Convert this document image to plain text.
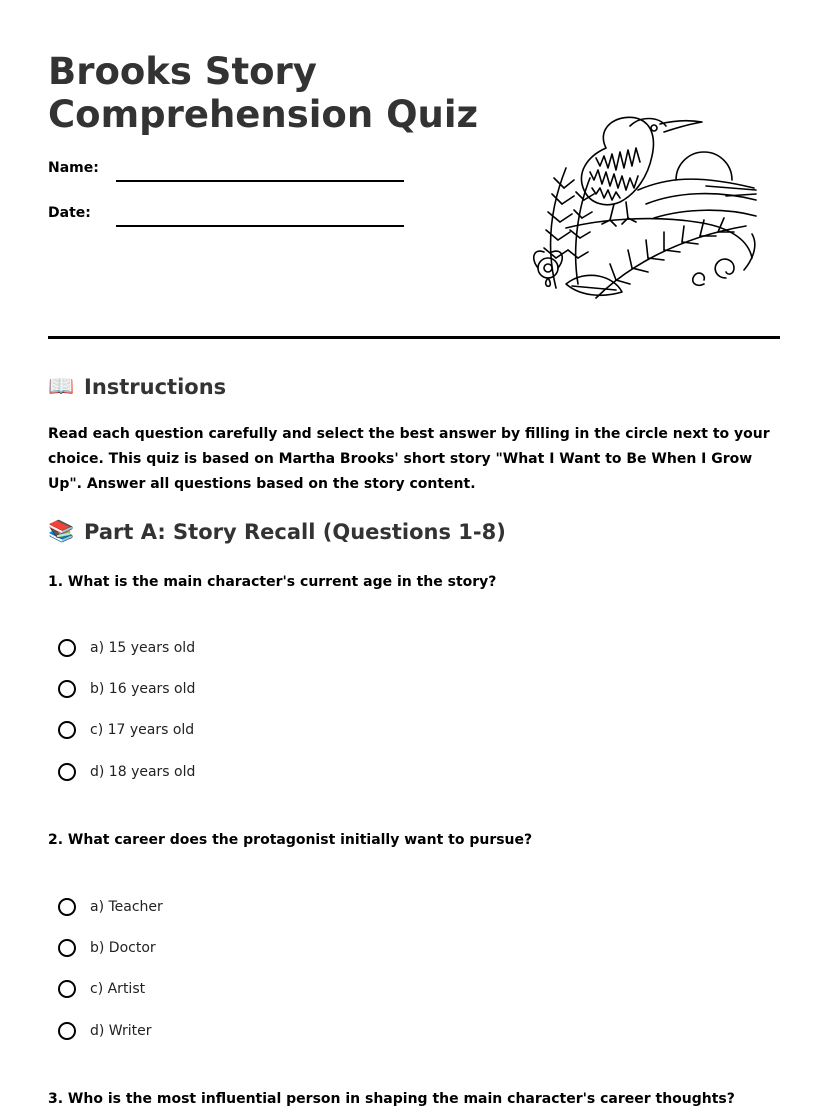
Brooks Story
Comprehension Quiz
Name:
Date:
📖 Instructions

Read each question carefully and select the best answer by filling in the circle next to your choice. This quiz is based on Martha Brooks' short story "What I Want to Be When I Grow Up". Answer all questions based on the story content.

📚 Part A: Story Recall (Questions 1-8)

1. What is the main character's current age in the story?

a) 15 years old
b) 16 years old
c) 17 years old
d) 18 years old

2. What career does the protagonist initially want to pursue?

a) Teacher
b) Doctor
c) Artist
d) Writer

3. Who is the most influential person in shaping the main character's career thoughts?
